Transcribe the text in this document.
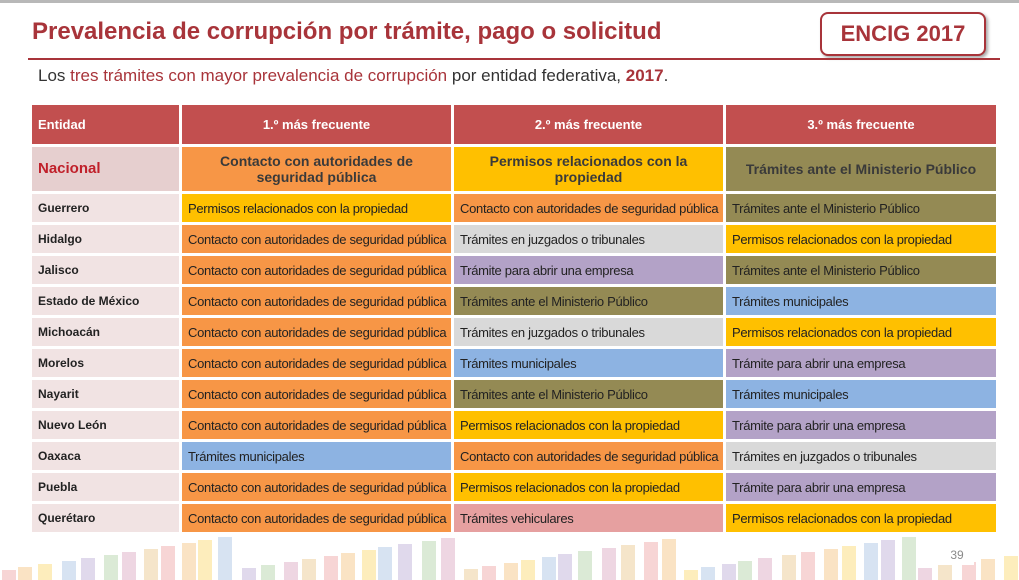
Prevalencia de corrupción por trámite, pago o solicitud	ENCIG 2017
Los tres trámites con mayor prevalencia de corrupción por entidad federativa, 2017.
Entidad	1.º más frecuente	2.º más frecuente	3.º más frecuente
Nacional	Contacto con autoridades de seguridad pública	Permisos relacionados con la propiedad	Trámites ante el Ministerio Público
Guerrero	Permisos relacionados con la propiedad	Contacto con autoridades de seguridad pública	Trámites ante el Ministerio Público
Hidalgo	Contacto con autoridades de seguridad pública	Trámites en juzgados o tribunales	Permisos relacionados con la propiedad
Jalisco	Contacto con autoridades de seguridad pública	Trámite para abrir una empresa	Trámites ante el Ministerio Público
Estado de México	Contacto con autoridades de seguridad pública	Trámites ante el Ministerio Público	Trámites municipales
Michoacán	Contacto con autoridades de seguridad pública	Trámites en juzgados o tribunales	Permisos relacionados con la propiedad
Morelos	Contacto con autoridades de seguridad pública	Trámites municipales	Trámite para abrir una empresa
Nayarit	Contacto con autoridades de seguridad pública	Trámites ante el Ministerio Público	Trámites municipales
Nuevo León	Contacto con autoridades de seguridad pública	Permisos relacionados con la propiedad	Trámite para abrir una empresa
Oaxaca	Trámites municipales	Contacto con autoridades de seguridad pública	Trámites en juzgados o tribunales
Puebla	Contacto con autoridades de seguridad pública	Permisos relacionados con la propiedad	Trámite para abrir una empresa
Querétaro	Contacto con autoridades de seguridad pública	Trámites vehiculares	Permisos relacionados con la propiedad
39
